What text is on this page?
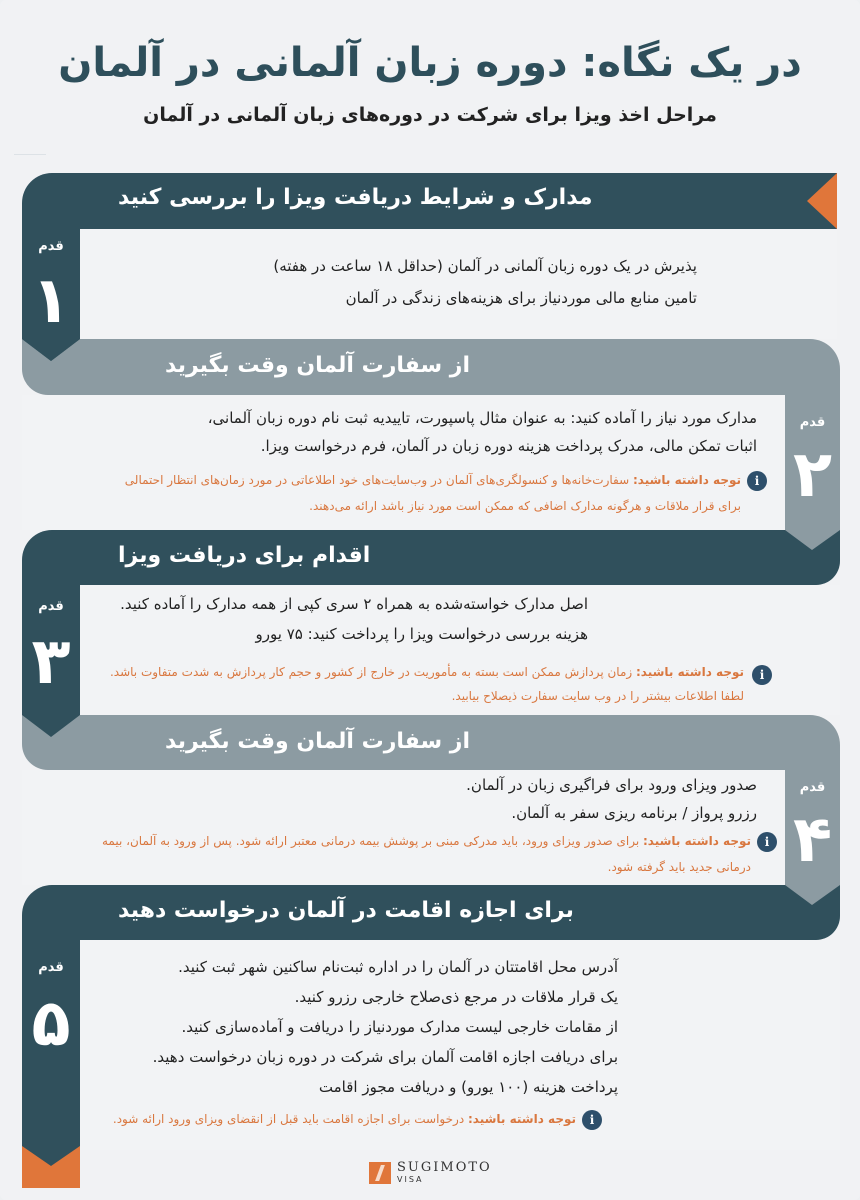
در یک نگاه: دوره زبان آلمانی در آلمان
مراحل اخذ ویزا برای شرکت در دوره‌های زبان آلمانی در آلمان
مدارک و شرایط دریافت ویزا را بررسی کنید
قدم
۱	پذیرش در یک دوره زبان آلمانی در آلمان (حداقل ۱۸ ساعت در هفته)
تامین منابع مالی موردنیاز برای هزینه‌های زندگی در آلمان
از سفارت آلمان وقت بگیرید
قدم
۲
مدارک مورد نیاز را آماده کنید: به عنوان مثال پاسپورت، تاییدیه ثبت نام دوره زبان آلمانی،
اثبات تمکن مالی، مدرک پرداخت هزینه دوره زبان در آلمان، فرم درخواست ویزا.
i
توجه داشته باشید: سفارت‌خانه‌ها و کنسولگری‌های آلمان در وب‌سایت‌های خود اطلاعاتی در مورد زمان‌های انتظار احتمالی
برای قرار ملاقات و هرگونه مدارک اضافی که ممکن است مورد نیاز باشد ارائه می‌دهند.
اقدام برای دریافت ویزا
قدم
۳
اصل مدارک خواسته‌شده به همراه ۲ سری کپی از همه مدارک را آماده کنید.
هزینه بررسی درخواست ویزا را پرداخت کنید: ۷۵ یورو
i
توجه داشته باشید: زمان پردازش ممکن است بسته به مأموریت در خارج از کشور و حجم کار پردازش به شدت متفاوت باشد.
لطفا اطلاعات بیشتر را در وب سایت سفارت ذیصلاح بیابید.
از سفارت آلمان وقت بگیرید
قدم
۴
صدور ویزای ورود برای فراگیری زبان در آلمان.
رزرو پرواز / برنامه ریزی سفر به آلمان.
i
توجه داشته باشید: برای صدور ویزای ورود، باید مدرکی مبنی بر پوشش بیمه درمانی معتبر ارائه شود. پس از ورود به آلمان، بیمه
درمانی جدید باید گرفته شود.
برای اجازه اقامت در آلمان درخواست دهید
قدم
۵
آدرس محل اقامتتان در آلمان را در اداره ثبت‌نام ساکنین شهر ثبت کنید.
یک قرار ملاقات در مرجع ذی‌صلاح خارجی رزرو کنید.
از مقامات خارجی لیست مدارک موردنیاز را دریافت و آماده‌سازی کنید.
برای دریافت اجازه اقامت آلمان برای شرکت در دوره زبان درخواست دهید.
پرداخت هزینه (۱۰۰ یورو) و دریافت مجوز اقامت
i
توجه داشته باشید: درخواست برای اجازه اقامت باید قبل از انقضای ویزای ورود ارائه شود.
SUGIMOTO
VISA
